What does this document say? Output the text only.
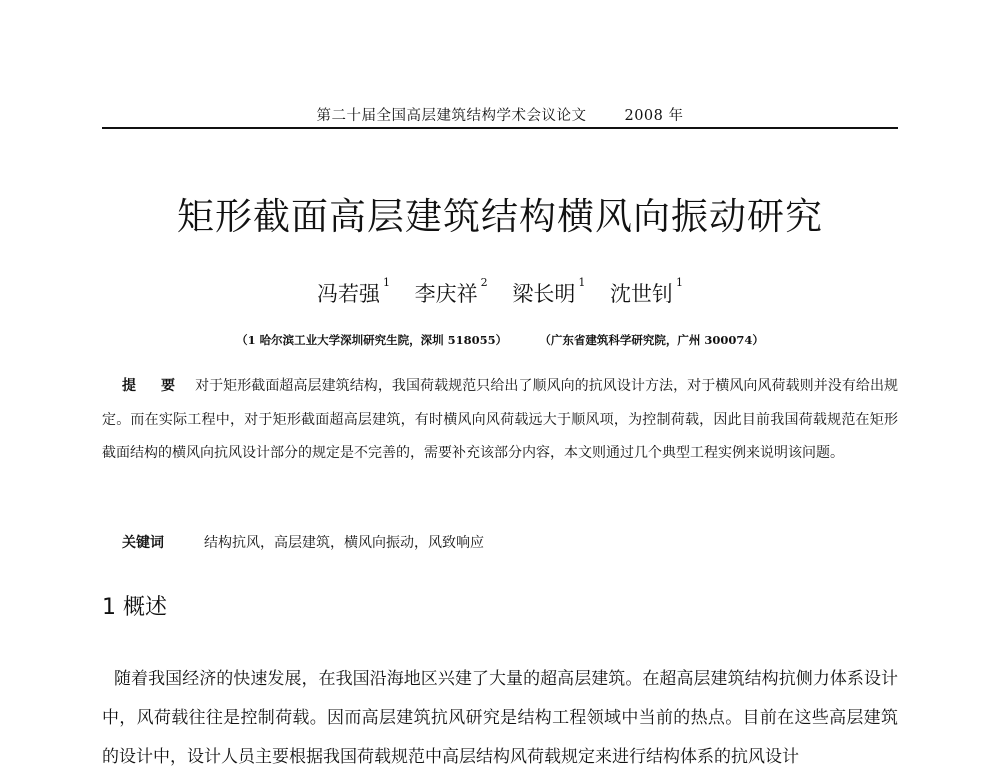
第二十届全国高层建筑结构学术会议论文	2008 年
矩形截面高层建筑结构横风向振动研究
冯若强 $^1$ 李庆祥 $^2$ 梁长明 $^1$ 沈世钊 $^1$
（1 哈尔滨工业大学深圳研究生院，深圳 518055）	（广东省建筑科学研究院，广州 300074）

提 要 对于矩形截面超高层建筑结构，我国荷载规范只给出了顺风向的抗风设计方法，对于横风向风荷载则并没有给出规定。而在实际工程中，对于矩形截面超高层建筑，有时横风向风荷载远大于顺风项，为控制荷载，因此目前我国荷载规范在矩形截面结构的横风向抗风设计部分的规定是不完善的，需要补充该部分内容，本文则通过几个典型工程实例来说明该问题。

关键词	结构抗风，高层建筑，横风向振动，风致响应
1 概述

随着我国经济的快速发展，在我国沿海地区兴建了大量的超高层建筑。在超高层建筑结构抗侧力体系设计中，风荷载往往是控制荷载。因而高层建筑抗风研究是结构工程领域中当前的热点。目前在这些高层建筑的设计中，设计人员主要根据我国荷载规范中高层结构风荷载规定来进行结构体系的抗风设计
